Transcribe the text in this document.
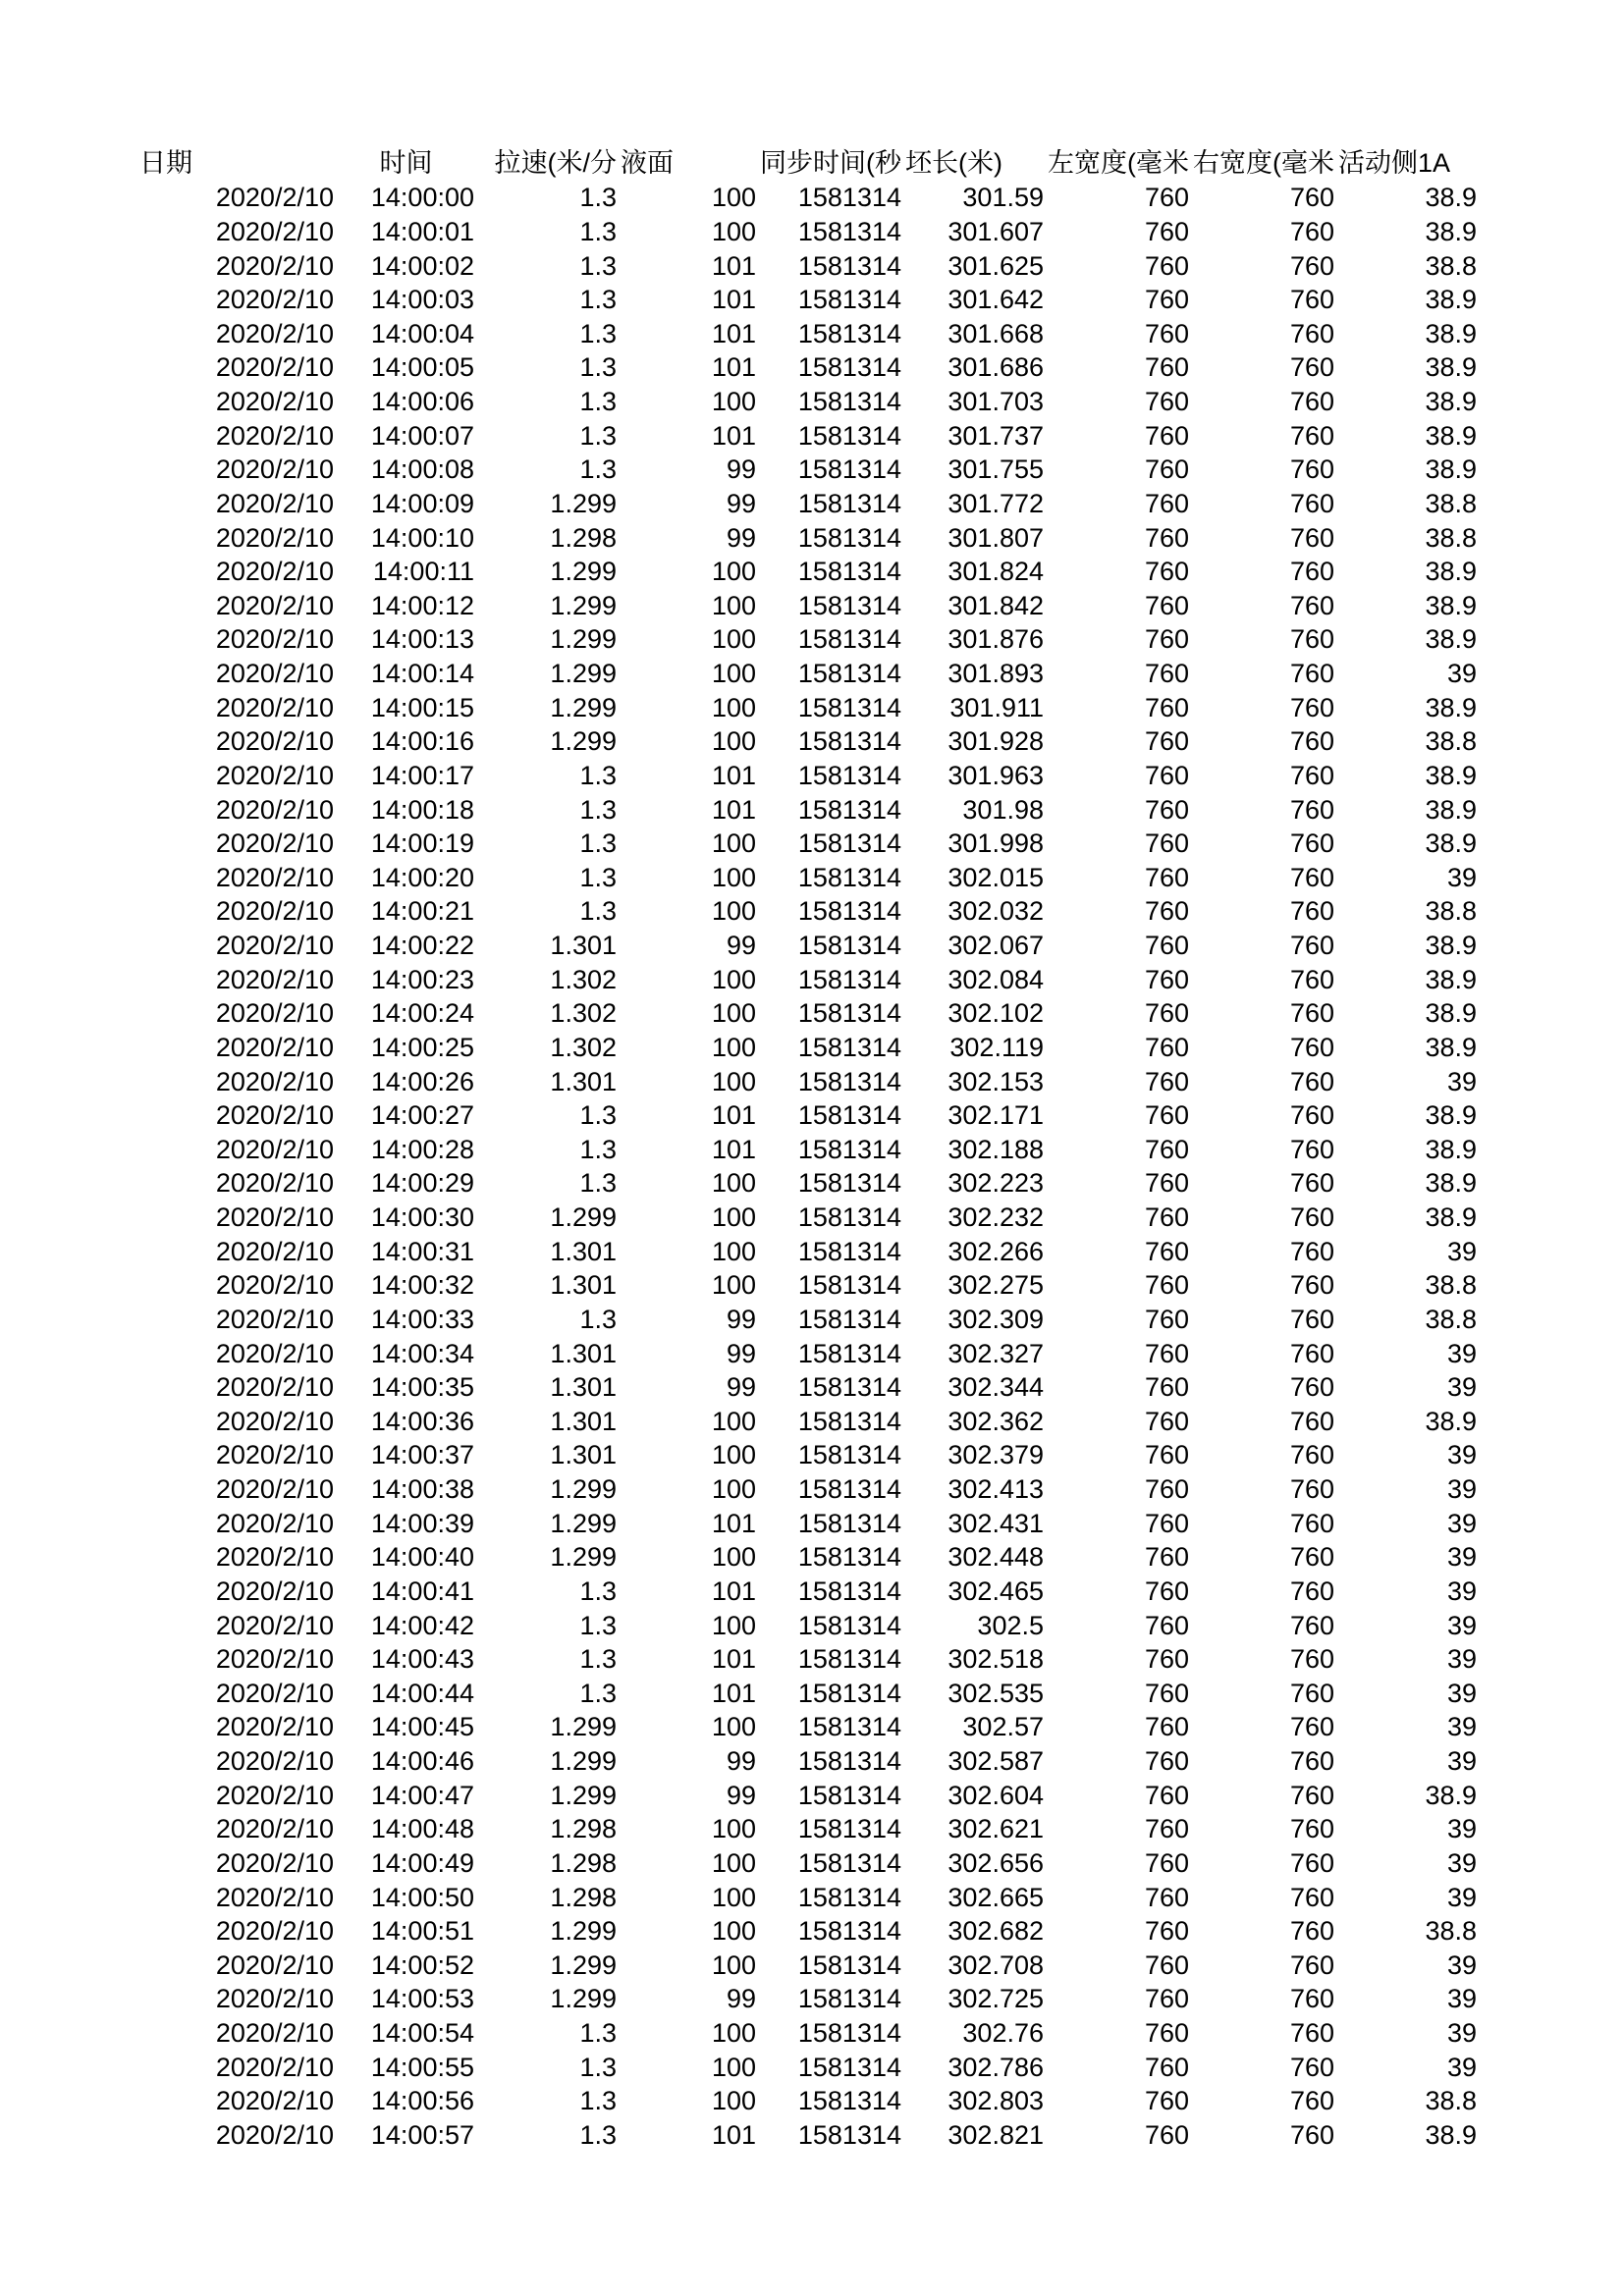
日期	时间	拉速(米/分	液面	同步时间(秒	坯长(米)	左宽度(毫米	右宽度(毫米	活动侧1A
2020/2/10	14:00:00	1.3	100	1581314	301.59	760	760	38.9
2020/2/10	14:00:01	1.3	100	1581314	301.607	760	760	38.9
2020/2/10	14:00:02	1.3	101	1581314	301.625	760	760	38.8
2020/2/10	14:00:03	1.3	101	1581314	301.642	760	760	38.9
2020/2/10	14:00:04	1.3	101	1581314	301.668	760	760	38.9
2020/2/10	14:00:05	1.3	101	1581314	301.686	760	760	38.9
2020/2/10	14:00:06	1.3	100	1581314	301.703	760	760	38.9
2020/2/10	14:00:07	1.3	101	1581314	301.737	760	760	38.9
2020/2/10	14:00:08	1.3	99	1581314	301.755	760	760	38.9
2020/2/10	14:00:09	1.299	99	1581314	301.772	760	760	38.8
2020/2/10	14:00:10	1.298	99	1581314	301.807	760	760	38.8
2020/2/10	14:00:11	1.299	100	1581314	301.824	760	760	38.9
2020/2/10	14:00:12	1.299	100	1581314	301.842	760	760	38.9
2020/2/10	14:00:13	1.299	100	1581314	301.876	760	760	38.9
2020/2/10	14:00:14	1.299	100	1581314	301.893	760	760	39
2020/2/10	14:00:15	1.299	100	1581314	301.911	760	760	38.9
2020/2/10	14:00:16	1.299	100	1581314	301.928	760	760	38.8
2020/2/10	14:00:17	1.3	101	1581314	301.963	760	760	38.9
2020/2/10	14:00:18	1.3	101	1581314	301.98	760	760	38.9
2020/2/10	14:00:19	1.3	100	1581314	301.998	760	760	38.9
2020/2/10	14:00:20	1.3	100	1581314	302.015	760	760	39
2020/2/10	14:00:21	1.3	100	1581314	302.032	760	760	38.8
2020/2/10	14:00:22	1.301	99	1581314	302.067	760	760	38.9
2020/2/10	14:00:23	1.302	100	1581314	302.084	760	760	38.9
2020/2/10	14:00:24	1.302	100	1581314	302.102	760	760	38.9
2020/2/10	14:00:25	1.302	100	1581314	302.119	760	760	38.9
2020/2/10	14:00:26	1.301	100	1581314	302.153	760	760	39
2020/2/10	14:00:27	1.3	101	1581314	302.171	760	760	38.9
2020/2/10	14:00:28	1.3	101	1581314	302.188	760	760	38.9
2020/2/10	14:00:29	1.3	100	1581314	302.223	760	760	38.9
2020/2/10	14:00:30	1.299	100	1581314	302.232	760	760	38.9
2020/2/10	14:00:31	1.301	100	1581314	302.266	760	760	39
2020/2/10	14:00:32	1.301	100	1581314	302.275	760	760	38.8
2020/2/10	14:00:33	1.3	99	1581314	302.309	760	760	38.8
2020/2/10	14:00:34	1.301	99	1581314	302.327	760	760	39
2020/2/10	14:00:35	1.301	99	1581314	302.344	760	760	39
2020/2/10	14:00:36	1.301	100	1581314	302.362	760	760	38.9
2020/2/10	14:00:37	1.301	100	1581314	302.379	760	760	39
2020/2/10	14:00:38	1.299	100	1581314	302.413	760	760	39
2020/2/10	14:00:39	1.299	101	1581314	302.431	760	760	39
2020/2/10	14:00:40	1.299	100	1581314	302.448	760	760	39
2020/2/10	14:00:41	1.3	101	1581314	302.465	760	760	39
2020/2/10	14:00:42	1.3	100	1581314	302.5	760	760	39
2020/2/10	14:00:43	1.3	101	1581314	302.518	760	760	39
2020/2/10	14:00:44	1.3	101	1581314	302.535	760	760	39
2020/2/10	14:00:45	1.299	100	1581314	302.57	760	760	39
2020/2/10	14:00:46	1.299	99	1581314	302.587	760	760	39
2020/2/10	14:00:47	1.299	99	1581314	302.604	760	760	38.9
2020/2/10	14:00:48	1.298	100	1581314	302.621	760	760	39
2020/2/10	14:00:49	1.298	100	1581314	302.656	760	760	39
2020/2/10	14:00:50	1.298	100	1581314	302.665	760	760	39
2020/2/10	14:00:51	1.299	100	1581314	302.682	760	760	38.8
2020/2/10	14:00:52	1.299	100	1581314	302.708	760	760	39
2020/2/10	14:00:53	1.299	99	1581314	302.725	760	760	39
2020/2/10	14:00:54	1.3	100	1581314	302.76	760	760	39
2020/2/10	14:00:55	1.3	100	1581314	302.786	760	760	39
2020/2/10	14:00:56	1.3	100	1581314	302.803	760	760	38.8
2020/2/10	14:00:57	1.3	101	1581314	302.821	760	760	38.9
